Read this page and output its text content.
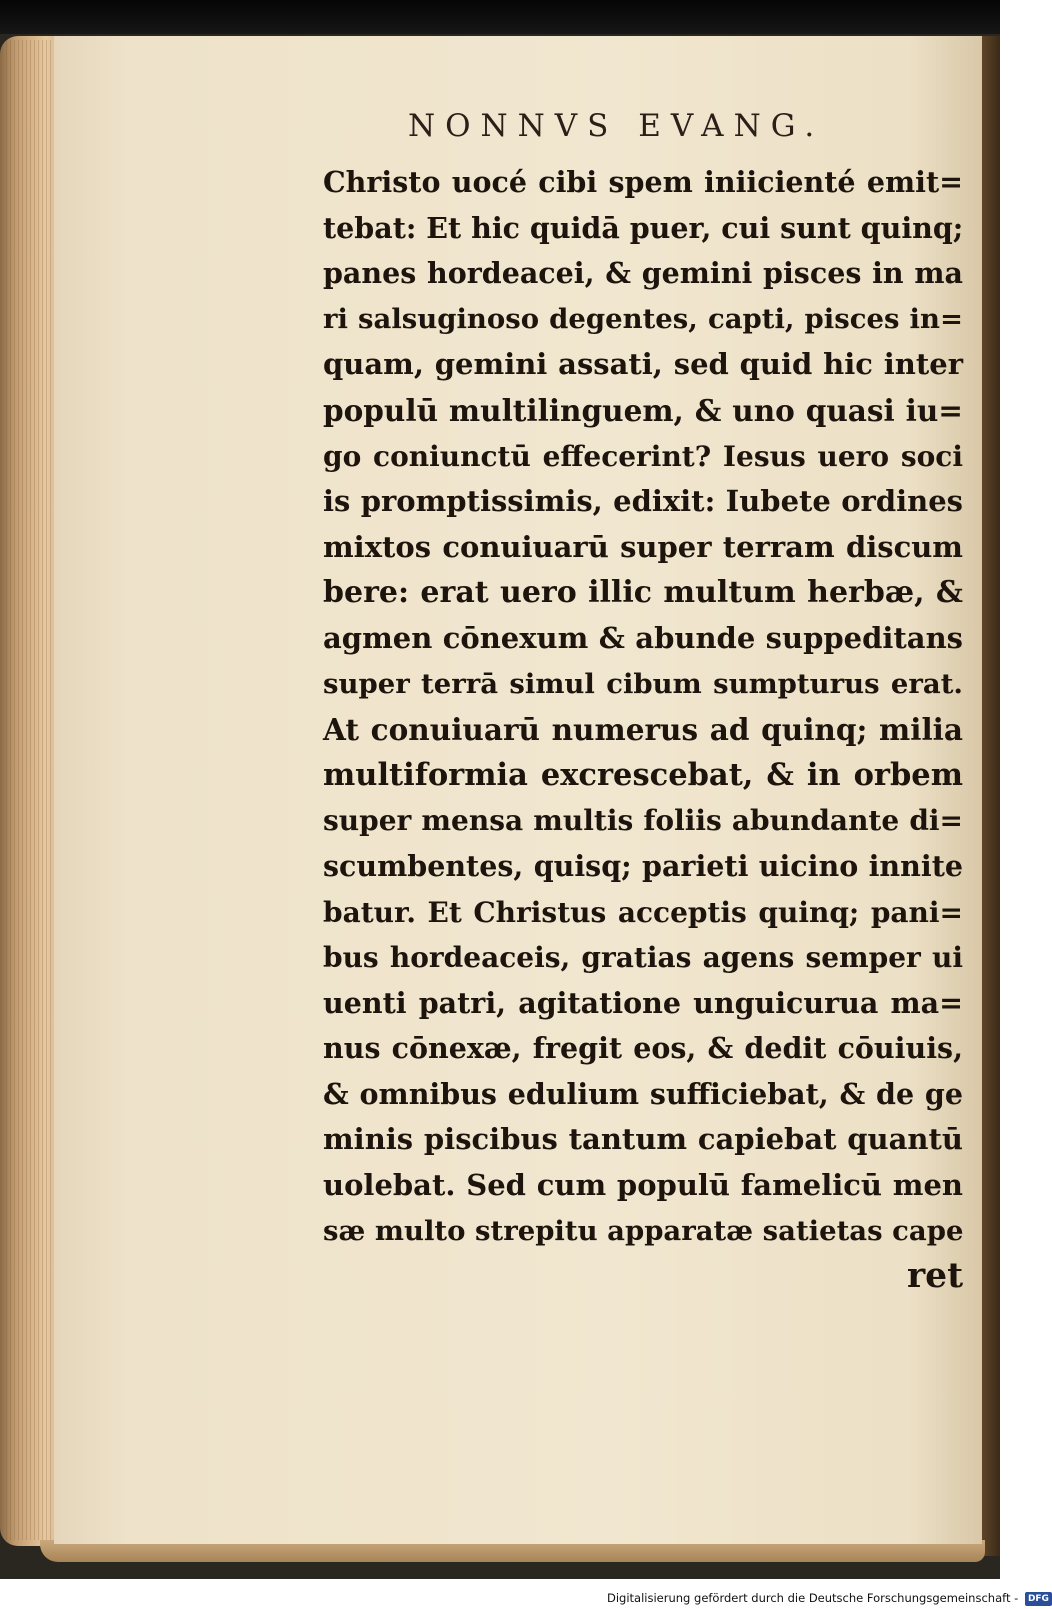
NONNVS EVANG.
Christo uocé cibi spem iniicienté emit=
tebat: Et hic quidā puer, cui sunt quinq;
panes hordeacei, & gemini pisces in ma
ri salsuginoso degentes, capti, pisces in=
quam, gemini assati, sed quid hic inter
populū multilinguem, & uno quasi iu=
go coniunctū effecerint? Iesus uero soci
is promptissimis, edixit: Iubete ordines
mixtos conuiuarū super terram discum
bere: erat uero illic multum herbæ, &
agmen cōnexum & abunde suppeditans
super terrā simul cibum sumpturus erat.
At conuiuarū numerus ad quinq; milia
multiformia excrescebat, & in orbem
super mensa multis foliis abundante di=
scumbentes, quisq; parieti uicino innite
batur. Et Christus acceptis quinq; pani=
bus hordeaceis, gratias agens semper ui
uenti patri, agitatione unguicurua ma=
nus cōnexæ, fregit eos, & dedit cōuiuis,
& omnibus edulium sufficiebat, & de ge
minis piscibus tantum capiebat quantū
uolebat. Sed cum populū famelicū men
sæ multo strepitu apparatæ satietas cape
ret
Digitalisierung gefördert durch die Deutsche Forschungsgemeinschaft - DFG
